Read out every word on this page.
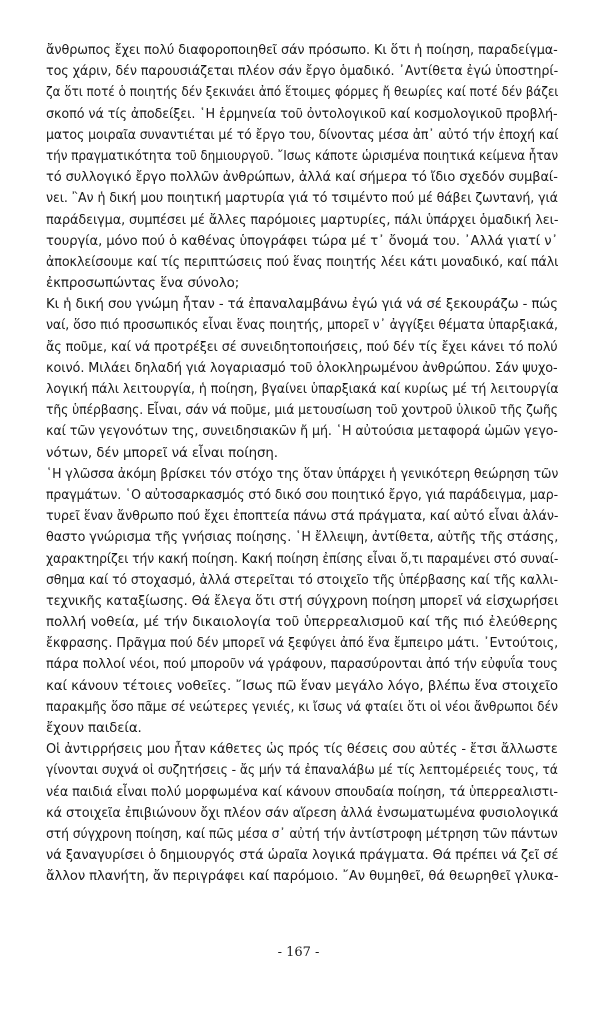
ἄνθρωπος ἔχει πολύ διαφοροποιηθεῖ σάν πρόσωπο. Κι ὅτι ἡ ποίηση, παραδείγμα-
τος χάριν, δέν παρουσιάζεται πλέον σάν ἔργο ὁμαδικό. ᾿Αντίθετα ἐγώ ὑποστηρί-
ζα ὅτι ποτέ ὁ ποιητής δέν ξεκινάει ἀπό ἕτοιμες φόρμες ἤ θεωρίες καί ποτέ δέν βάζει
σκοπό νά τίς ἀποδείξει. ῾Η ἑρμηνεία τοῦ ὀντολογικοῦ καί κοσμολογικοῦ προβλή-
ματος μοιραῖα συναντιέται μέ τό ἔργο του, δίνοντας μέσα ἀπ᾿ αὐτό τήν ἐποχή καί
τήν πραγματικότητα τοῦ δημιουργοῦ. ῎Ισως κάποτε ὡρισμένα ποιητικά κείμενα ἦταν
τό συλλογικό ἔργο πολλῶν ἀνθρώπων, ἀλλά καί σήμερα τό ἴδιο σχεδόν συμβαί-
νει. ῍Αν ἡ δική μου ποιητική μαρτυρία γιά τό τσιμέντο πού μέ θάβει ζωντανή, γιά
παράδειγμα, συμπέσει μέ ἄλλες παρόμοιες μαρτυρίες, πάλι ὑπάρχει ὁμαδική λει-
τουργία, μόνο πού ὁ καθένας ὑπογράφει τώρα μέ τ᾿ ὄνομά του. ᾿Αλλά γιατί ν᾿
ἀποκλείσουμε καί τίς περιπτώσεις πού ἕνας ποιητής λέει κάτι μοναδικό, καί πάλι
ἐκπροσωπώντας ἕνα σύνολο;
Κι ἡ δική σου γνώμη ἦταν - τά ἐπαναλαμβάνω ἐγώ γιά νά σέ ξεκουράζω - πώς
ναί, ὅσο πιό προσωπικός εἶναι ἕνας ποιητής, μπορεῖ ν᾿ ἀγγίξει θέματα ὑπαρξιακά,
ἄς ποῦμε, καί νά προτρέξει σέ συνειδητοποιήσεις, πού δέν τίς ἔχει κάνει τό πολύ
κοινό. Μιλάει δηλαδή γιά λογαριασμό τοῦ ὁλοκληρωμένου ἀνθρώπου. Σάν ψυχο-
λογική πάλι λειτουργία, ἡ ποίηση, βγαίνει ὑπαρξιακά καί κυρίως μέ τή λειτουργία
τῆς ὑπέρβασης. Εἶναι, σάν νά ποῦμε, μιά μετουσίωση τοῦ χοντροῦ ὑλικοῦ τῆς ζωῆς
καί τῶν γεγονότων της, συνειδησιακῶν ἤ μή. ῾Η αὐτούσια μεταφορά ὠμῶν γεγο-
νότων, δέν μπορεῖ νά εἶναι ποίηση.
῾Η γλῶσσα ἀκόμη βρίσκει τόν στόχο της ὅταν ὑπάρχει ἡ γενικότερη θεώρηση τῶν
πραγμάτων. ῾Ο αὐτοσαρκασμός στό δικό σου ποιητικό ἔργο, γιά παράδειγμα, μαρ-
τυρεῖ ἕναν ἄνθρωπο πού ἔχει ἐποπτεία πάνω στά πράγματα, καί αὐτό εἶναι ἀλάν-
θαστο γνώρισμα τῆς γνήσιας ποίησης. ῾Η ἔλλειψη, ἀντίθετα, αὐτῆς τῆς στάσης,
χαρακτηρίζει τήν κακή ποίηση. Κακή ποίηση ἐπίσης εἶναι ὅ,τι παραμένει στό συναί-
σθημα καί τό στοχασμό, ἀλλά στερεῖται τό στοιχεῖο τῆς ὑπέρβασης καί τῆς καλλι-
τεχνικῆς καταξίωσης. Θά ἔλεγα ὅτι στή σύγχρονη ποίηση μπορεῖ νά εἰσχωρήσει
πολλή νοθεία, μέ τήν δικαιολογία τοῦ ὑπερρεαλισμοῦ καί τῆς πιό ἐλεύθερης
ἔκφρασης. Πρᾶγμα πού δέν μπορεῖ νά ξεφύγει ἀπό ἕνα ἔμπειρο μάτι. ᾿Εντούτοις,
πάρα πολλοί νέοι, πού μποροῦν νά γράφουν, παρασύρονται ἀπό τήν εὐφυΐα τους
καί κάνουν τέτοιες νοθεῖες. ῎Ισως πῶ ἕναν μεγάλο λόγο, βλέπω ἕνα στοιχεῖο
παρακμῆς ὅσο πᾶμε σέ νεώτερες γενιές, κι ἴσως νά φταίει ὅτι οἱ νέοι ἄνθρωποι δέν
ἔχουν παιδεία.
Οἱ ἀντιρρήσεις μου ἦταν κάθετες ὡς πρός τίς θέσεις σου αὐτές - ἔτσι ἄλλωστε
γίνονται συχνά οἱ συζητήσεις - ἄς μήν τά ἐπαναλάβω μέ τίς λεπτομέρειές τους, τά
νέα παιδιά εἶναι πολύ μορφωμένα καί κάνουν σπουδαία ποίηση, τά ὑπερρεαλιστι-
κά στοιχεῖα ἐπιβιώνουν ὄχι πλέον σάν αἵρεση ἀλλά ἐνσωματωμένα φυσιολογικά
στή σύγχρονη ποίηση, καί πῶς μέσα σ᾿ αὐτή τήν ἀντίστροφη μέτρηση τῶν πάντων
νά ξαναγυρίσει ὁ δημιουργός στά ὡραῖα λογικά πράγματα. Θά πρέπει νά ζεῖ σέ
ἄλλον πλανήτη, ἄν περιγράφει καί παρόμοιο. ῎Αν θυμηθεῖ, θά θεωρηθεῖ γλυκα-
- 167 -
